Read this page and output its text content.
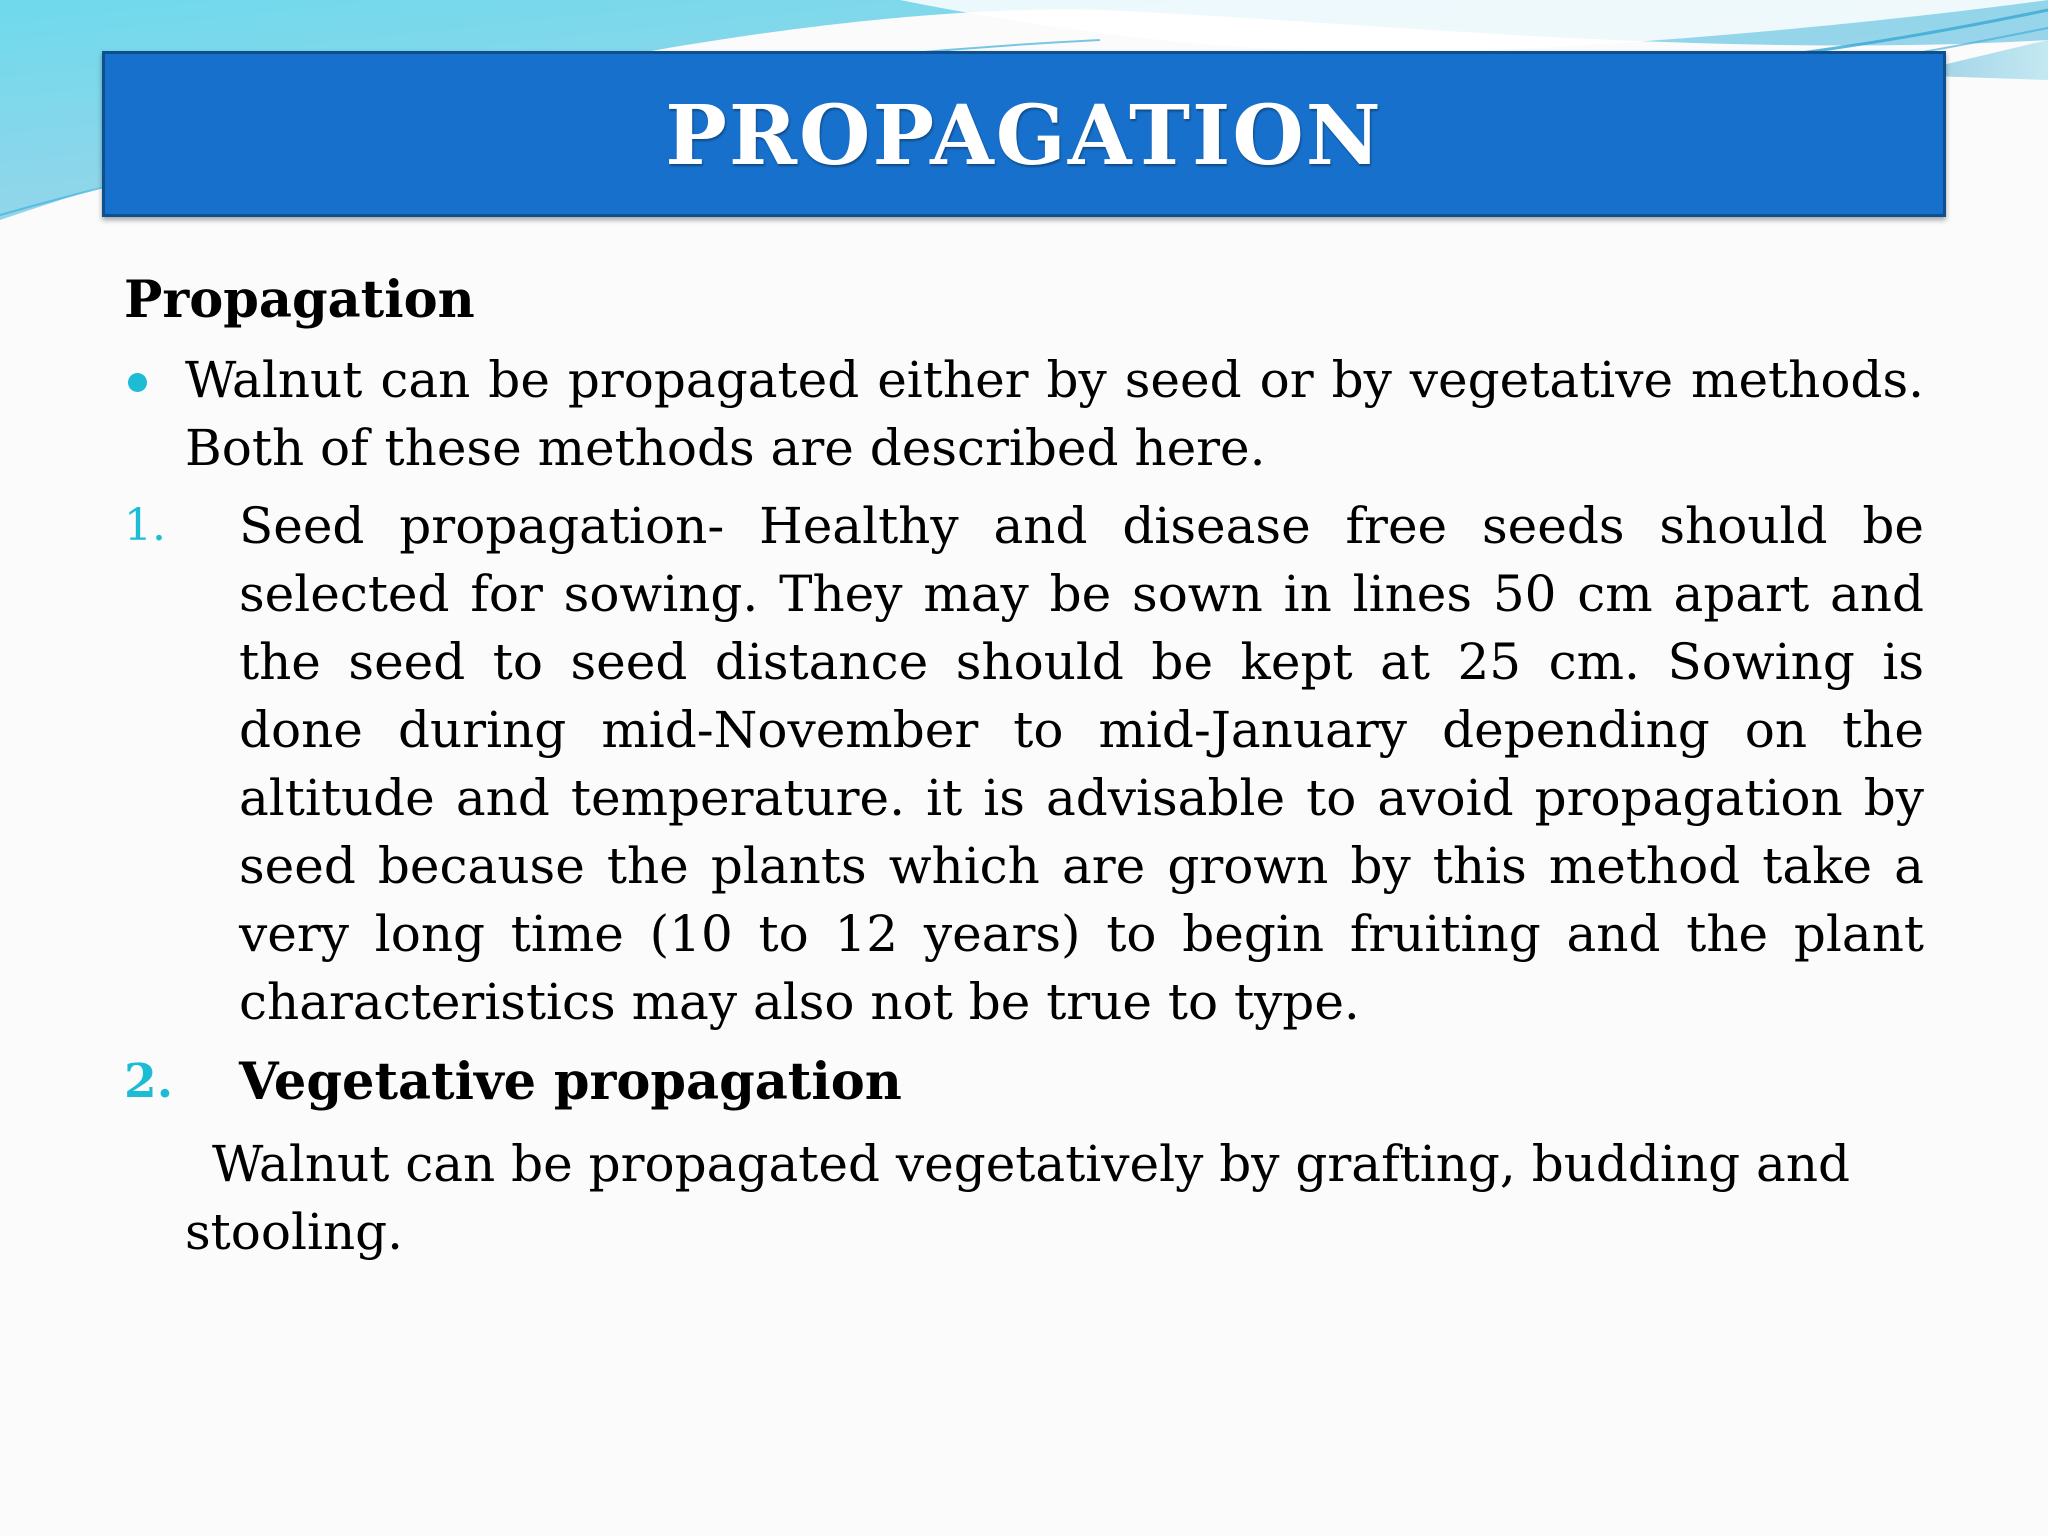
PROPAGATION
Propagation
Walnut can be propagated either by seed or by vegetative methods. Both of these methods are described here.
1. Seed propagation- Healthy and disease free seeds should be selected for sowing. They may be sown in lines 50 cm apart and the seed to seed distance should be kept at 25 cm. Sowing is done during mid-November to mid-January depending on the altitude and temperature. it is advisable to avoid propagation by seed because the plants which are grown by this method take a very long time (10 to 12 years) to begin fruiting and the plant characteristics may also not be true to type.
2. Vegetative propagation
Walnut can be propagated vegetatively by grafting, budding and stooling.
